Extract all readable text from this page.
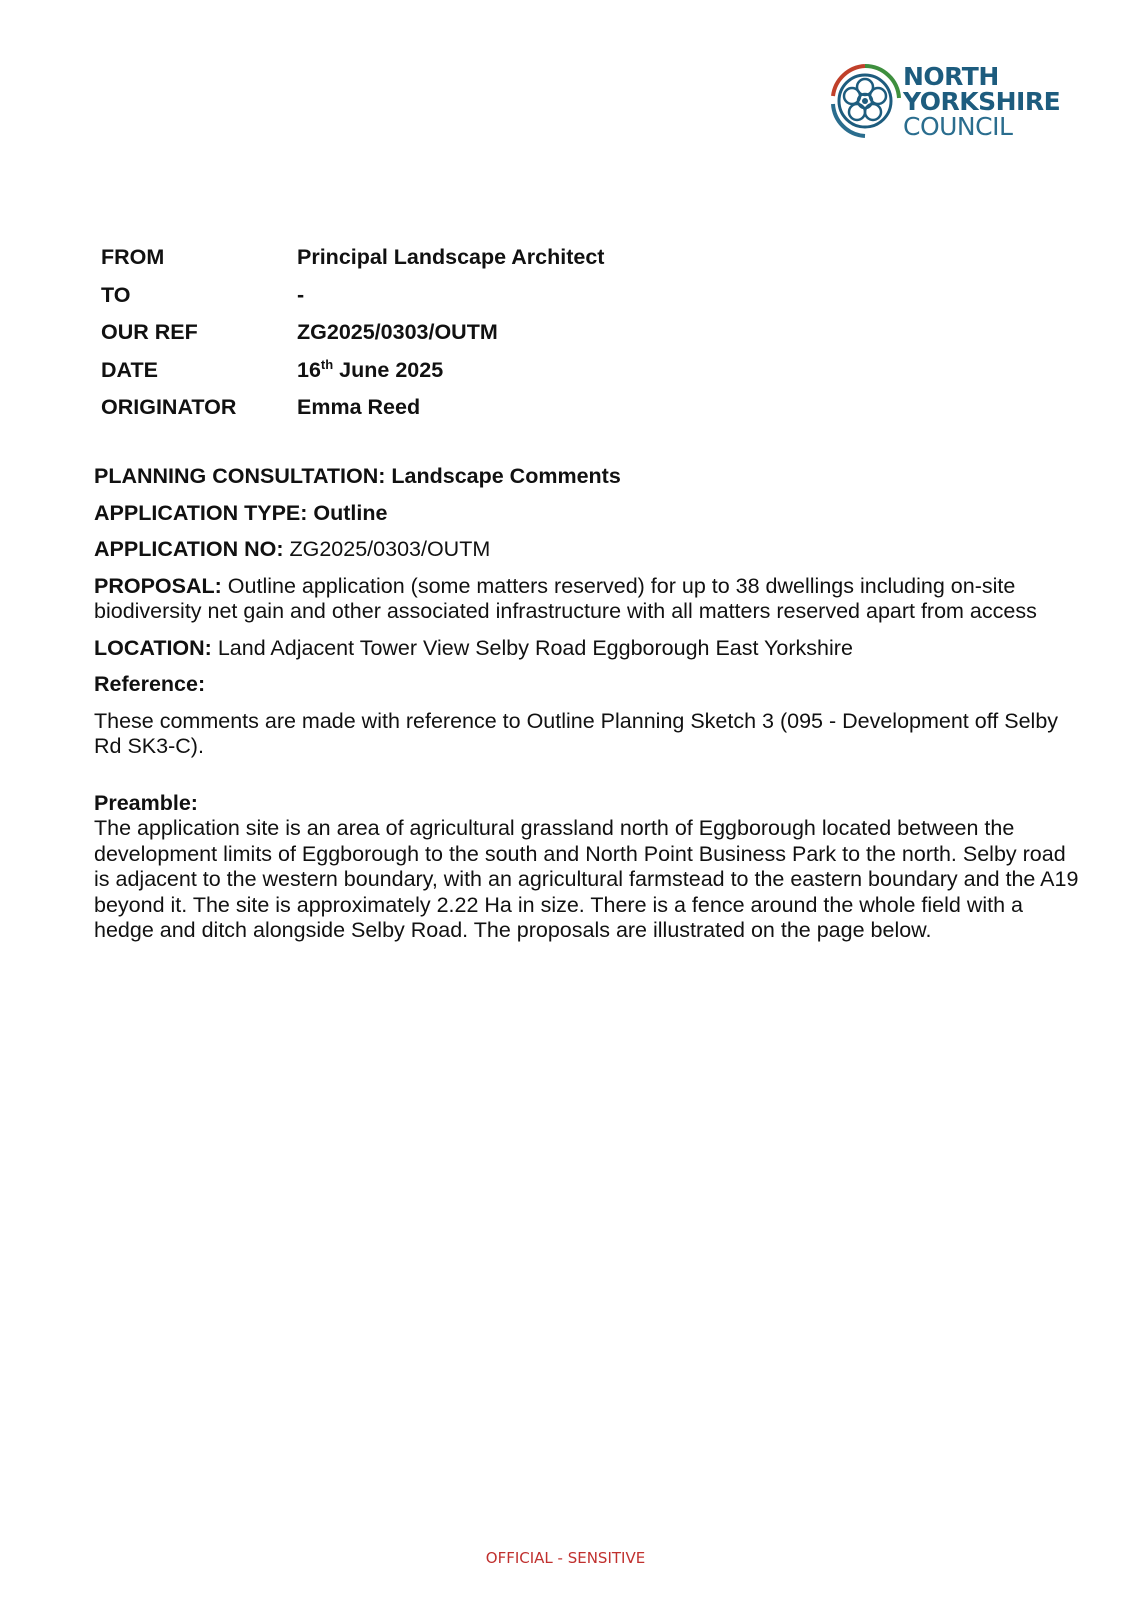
NORTH
YORKSHIRE
COUNCIL
FROM	Principal Landscape Architect
TO	-
OUR REF	ZG2025/0303/OUTM
DATE	16th June 2025
ORIGINATOR	Emma Reed

PLANNING CONSULTATION: Landscape Comments

APPLICATION TYPE: Outline

APPLICATION NO: ZG2025/0303/OUTM

PROPOSAL: Outline application (some matters reserved) for up to 38 dwellings including on-site biodiversity net gain and other associated infrastructure with all matters reserved apart from access

LOCATION: Land Adjacent Tower View Selby Road Eggborough East Yorkshire

Reference:

These comments are made with reference to Outline Planning Sketch 3 (095 - Development off Selby Rd SK3-C).

Preamble:

The application site is an area of agricultural grassland north of Eggborough located between the development limits of Eggborough to the south and North Point Business Park to the north. Selby road is adjacent to the western boundary, with an agricultural farmstead to the eastern boundary and the A19 beyond it. The site is approximately 2.22 Ha in size. There is a fence around the whole field with a hedge and ditch alongside Selby Road. The proposals are illustrated on the page below.

OFFICIAL - SENSITIVE
